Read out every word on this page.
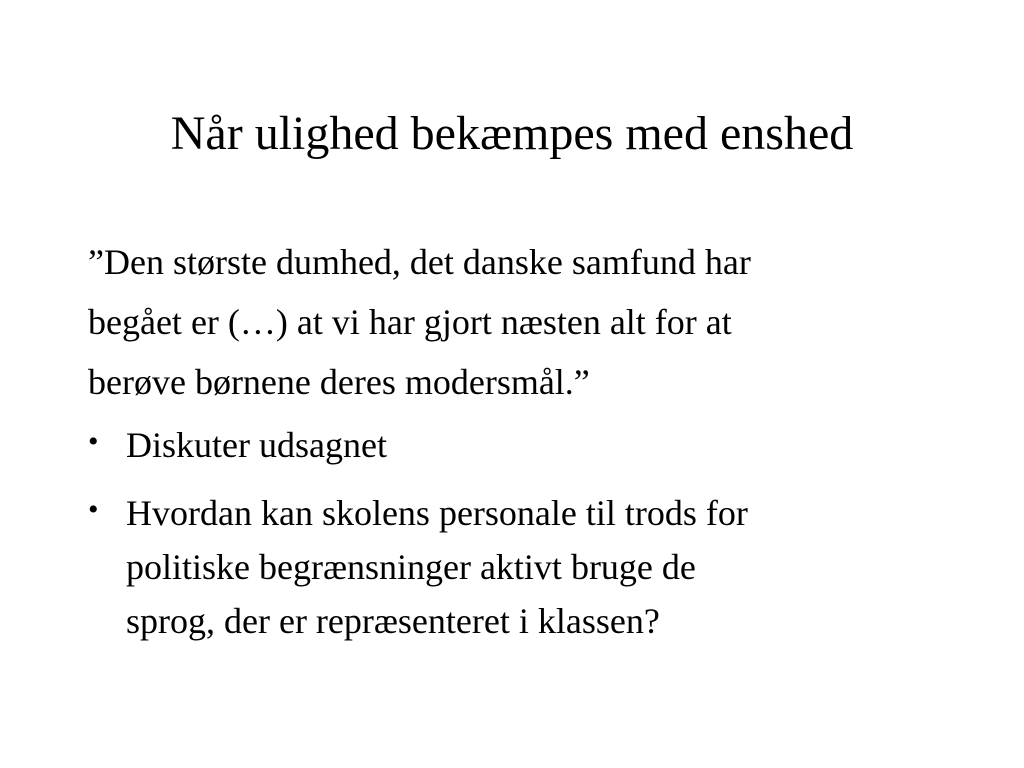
Når ulighed bekæmpes med enshed

”Den største dumhed, det danske samfund har
begået er (…) at vi har gjort næsten alt for at
berøve børnene deres modersmål.”

• Diskuter udsagnet
• Hvordan kan skolens personale til trods for
politiske begrænsninger aktivt bruge de
sprog, der er repræsenteret i klassen?
